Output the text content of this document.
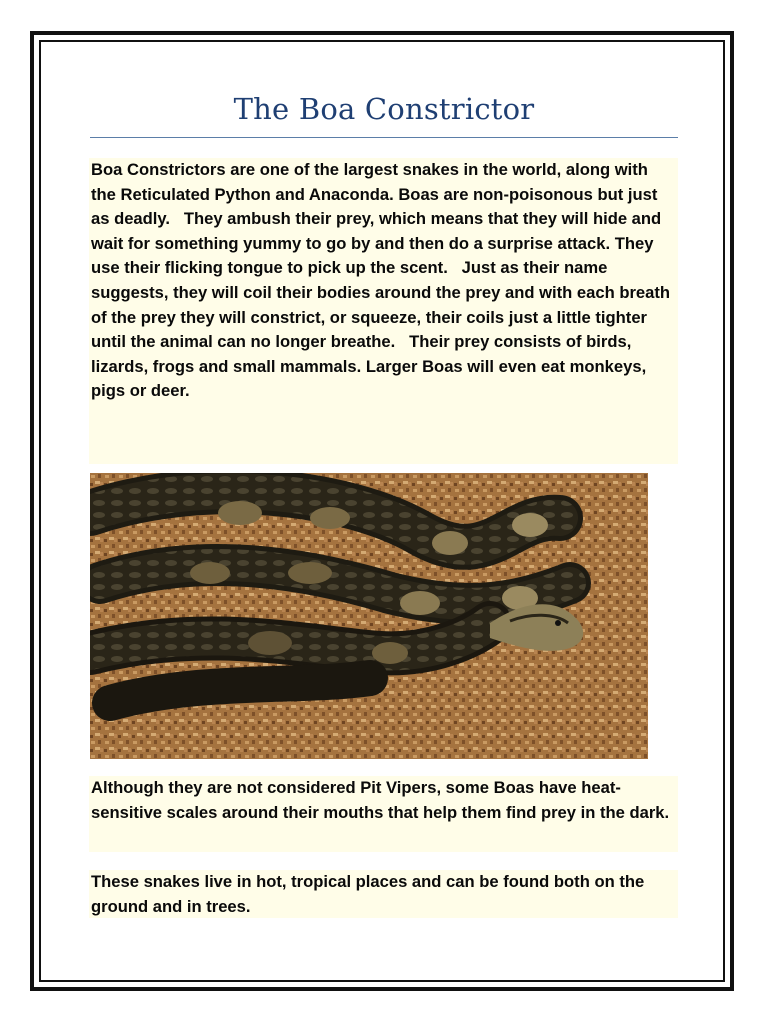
The Boa Constrictor
Boa Constrictors are one of the largest snakes in the world, along with the Reticulated Python and Anaconda. Boas are non-poisonous but just as deadly.   They ambush their prey, which means that they will hide and wait for something yummy to go by and then do a surprise attack. They use their flicking tongue to pick up the scent.   Just as their name suggests, they will coil their bodies around the prey and with each breath of the prey they will constrict, or squeeze, their coils just a little tighter until the animal can no longer breathe.   Their prey consists of birds, lizards, frogs and small mammals. Larger Boas will even eat monkeys, pigs or deer.
Although they are not considered Pit Vipers, some Boas have heat-sensitive scales around their mouths that help them find prey in the dark.
These snakes live in hot, tropical places and can be found both on the ground and in trees.
